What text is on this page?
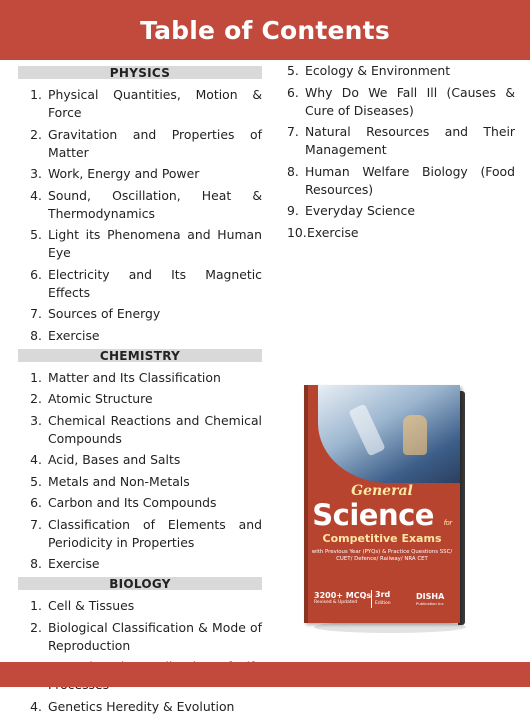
Table of Contents
PHYSICS
1. Physical Quantities, Motion & Force
2. Gravitation and Properties of Matter
3. Work, Energy and Power
4. Sound, Oscillation, Heat & Thermodynamics
5. Light its Phenomena and Human Eye
6. Electricity and Its Magnetic Effects
7. Sources of Energy
8. Exercise
CHEMISTRY
1. Matter and Its Classification
2. Atomic Structure
3. Chemical Reactions and Chemical Compounds
4. Acid, Bases and Salts
5. Metals and Non-Metals
6. Carbon and Its Compounds
7. Classification of Elements and Periodicity in Properties
8. Exercise
BIOLOGY
1. Cell & Tissues
2. Biological Classification & Mode of Reproduction
4. Genetics Heredity & Evolution
5. Ecology & Environment
6. Why Do We Fall Ill (Causes & Cure of Diseases)
7. Natural Resources and Their Management
8. Human Welfare Biology (Food Resources)
9. Everyday Science
10. Exercise
General
Science for
Competitive Exams
with Previous Year (PYQs) & Practice Questions SSC/ CUET/ Defence/ Railway/ NRA CET
3200+ MCQs
Revised & Updated
3rd
Edition
DISHA
Publication Inc
